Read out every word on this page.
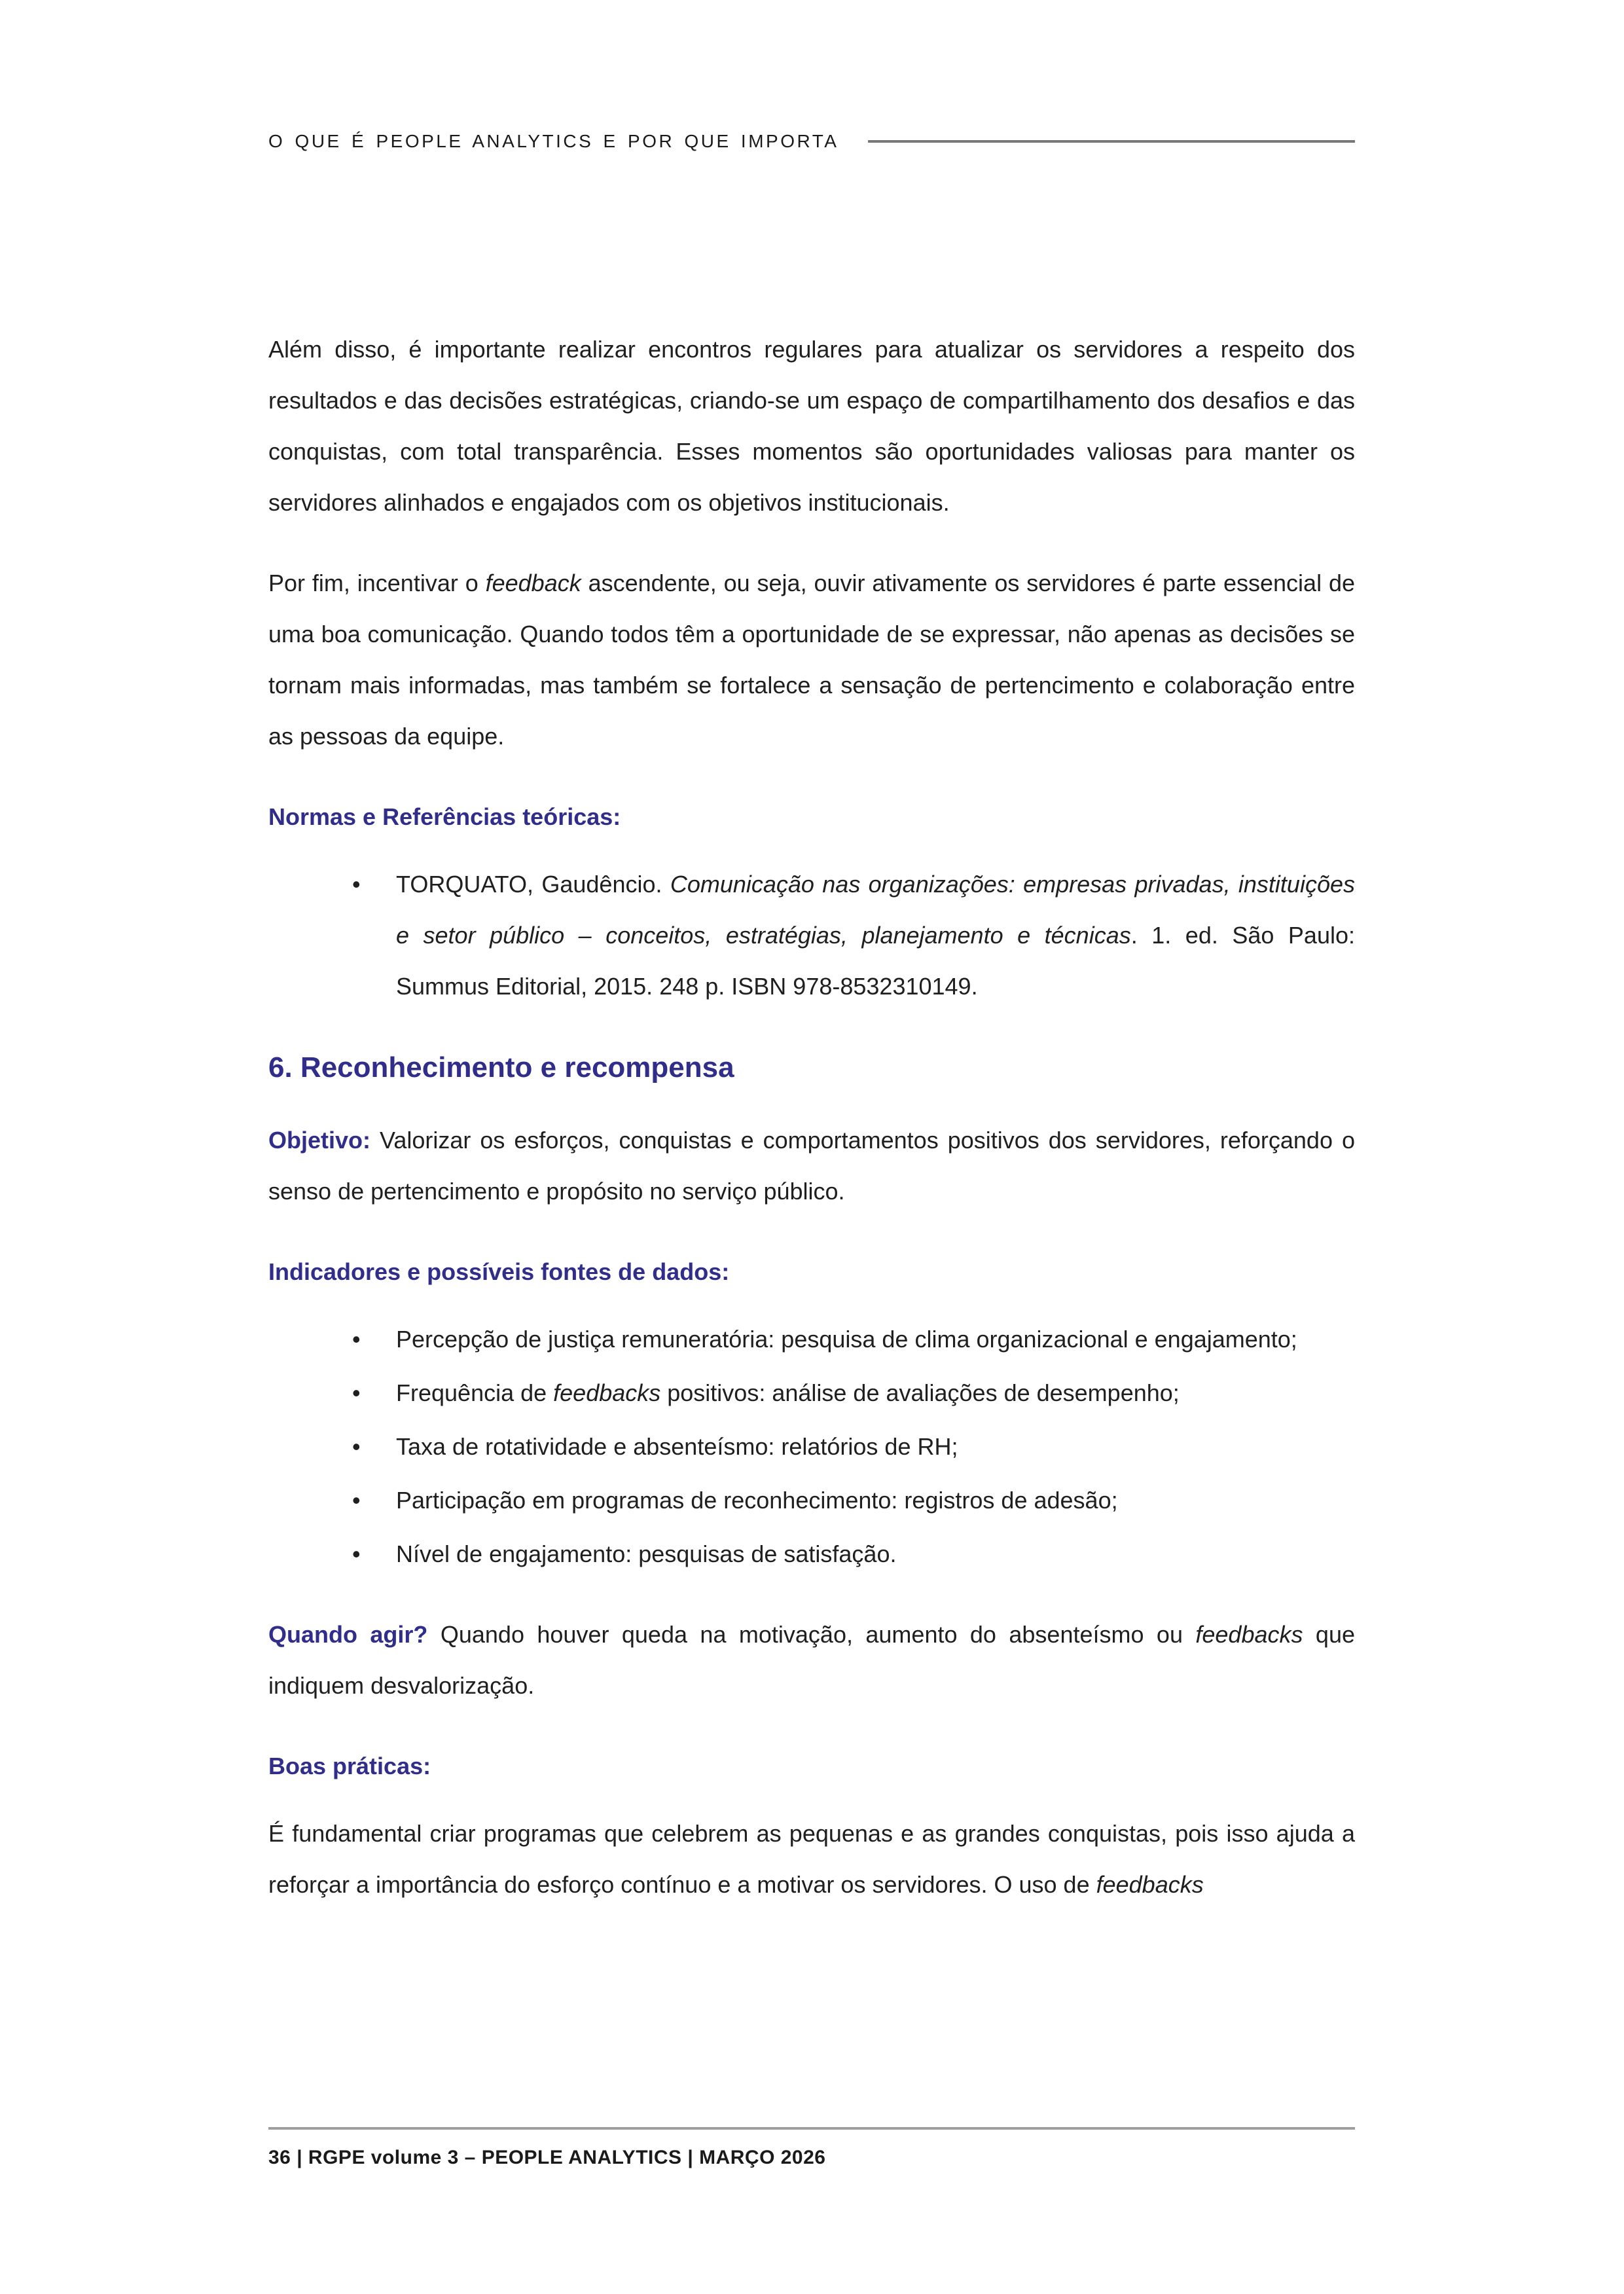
O QUE É PEOPLE ANALYTICS E POR QUE IMPORTA

Além disso, é importante realizar encontros regulares para atualizar os servidores a respeito dos resultados e das decisões estratégicas, criando-se um espaço de compartilhamento dos desafios e das conquistas, com total transparência. Esses momentos são oportunidades valiosas para manter os servidores alinhados e engajados com os objetivos institucionais.

Por fim, incentivar o feedback ascendente, ou seja, ouvir ativamente os servidores é parte essencial de uma boa comunicação. Quando todos têm a oportunidade de se expressar, não apenas as decisões se tornam mais informadas, mas também se fortalece a sensação de pertencimento e colaboração entre as pessoas da equipe.

Normas e Referências teóricas:
• TORQUATO, Gaudêncio. Comunicação nas organizações: empresas privadas, instituições e setor público – conceitos, estratégias, planejamento e técnicas. 1. ed. São Paulo: Summus Editorial, 2015. 248 p. ISBN 978-8532310149.
6. Reconhecimento e recompensa

Objetivo: Valorizar os esforços, conquistas e comportamentos positivos dos servidores, reforçando o senso de pertencimento e propósito no serviço público.

Indicadores e possíveis fontes de dados:
• Percepção de justiça remuneratória: pesquisa de clima organizacional e engajamento;
• Frequência de feedbacks positivos: análise de avaliações de desempenho;
• Taxa de rotatividade e absenteísmo: relatórios de RH;
• Participação em programas de reconhecimento: registros de adesão;
• Nível de engajamento: pesquisas de satisfação.

Quando agir? Quando houver queda na motivação, aumento do absenteísmo ou feedbacks que indiquem desvalorização.

Boas práticas:

É fundamental criar programas que celebrem as pequenas e as grandes conquistas, pois isso ajuda a reforçar a importância do esforço contínuo e a motivar os servidores. O uso de feedbacks

36 | RGPE volume 3 – PEOPLE ANALYTICS | MARÇO 2026
